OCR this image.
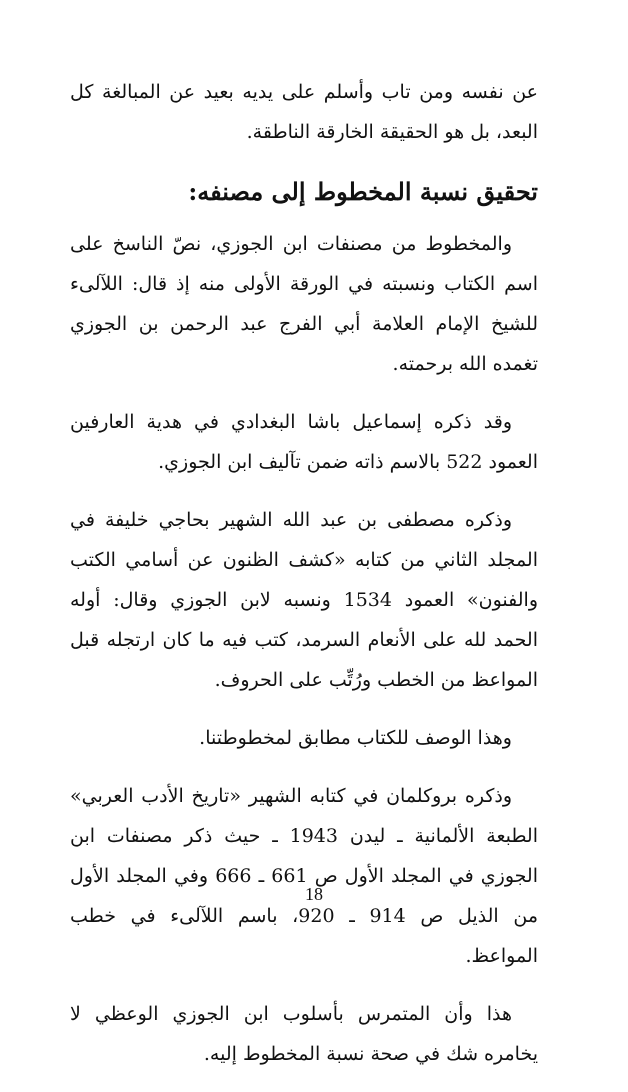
عن نفسه ومن تاب وأسلم على يديه بعيد عن المبالغة كل البعد، بل هو الحقيقة الخارقة الناطقة.

تحقيق نسبة المخطوط إلى مصنفه:

والمخطوط من مصنفات ابن الجوزي، نصّ الناسخ على اسم الكتاب ونسبته في الورقة الأولى منه إذ قال: اللآلىء للشيخ الإمام العلامة أبي الفرج عبد الرحمن بن الجوزي تغمده الله برحمته.

وقد ذكره إسماعيل باشا البغدادي في هدية العارفين العمود 522 بالاسم ذاته ضمن تآليف ابن الجوزي.

وذكره مصطفى بن عبد الله الشهير بحاجي خليفة في المجلد الثاني من كتابه «كشف الظنون عن أسامي الكتب والفنون» العمود 1534 ونسبه لابن الجوزي وقال: أوله الحمد لله على الأنعام السرمد، كتب فيه ما كان ارتجله قبل المواعظ من الخطب ورُتِّب على الحروف.

وهذا الوصف للكتاب مطابق لمخطوطتنا.

وذكره بروكلمان في كتابه الشهير «تاريخ الأدب العربي» الطبعة الألمانية ـ ليدن 1943 ـ حيث ذكر مصنفات ابن الجوزي في المجلد الأول ص 661 ـ 666 وفي المجلد الأول من الذيل ص 914 ـ 920، باسم اللآلىء في خطب المواعظ.

هذا وأن المتمرس بأسلوب ابن الجوزي الوعظي لا يخامره شك في صحة نسبة المخطوط إليه.

18
